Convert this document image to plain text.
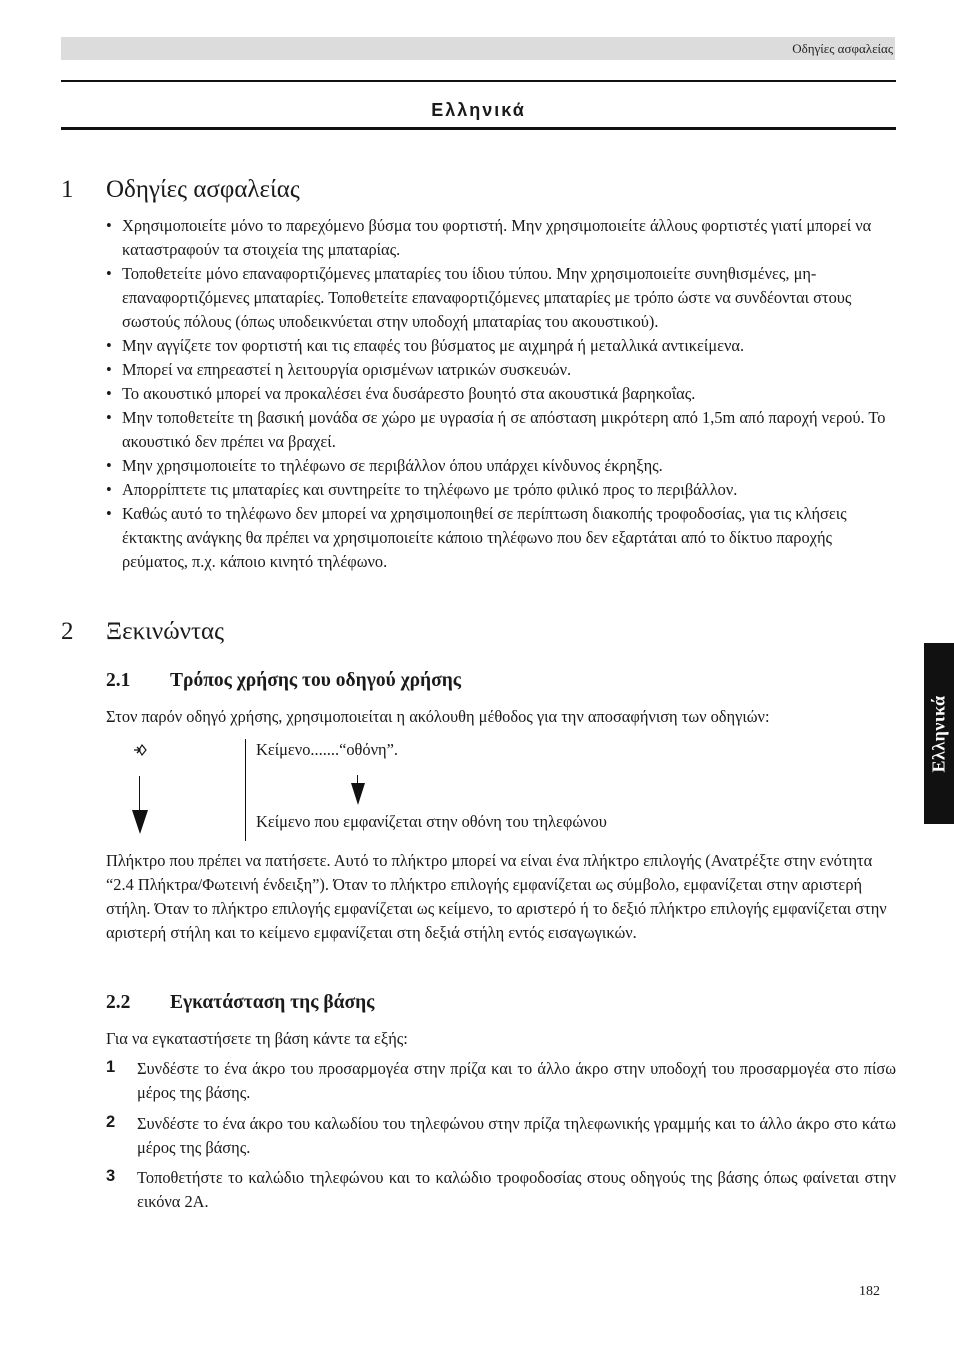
Οδηγίες ασφαλείας
Ελληνικά
1 Οδηγίες ασφαλείας
• Χρησιμοποιείτε μόνο το παρεχόμενο βύσμα του φορτιστή. Μην χρησιμοποιείτε άλλους φορτιστές γιατί μπορεί να καταστραφούν τα στοιχεία της μπαταρίας.
• Τοποθετείτε μόνο επαναφορτιζόμενες μπαταρίες του ίδιου τύπου. Μην χρησιμοποιείτε συνηθισμένες, μη-επαναφορτιζόμενες μπαταρίες. Τοποθετείτε επαναφορτιζόμενες μπαταρίες με τρόπο ώστε να συνδέονται στους σωστούς πόλους (όπως υποδεικνύεται στην υποδοχή μπαταρίας του ακουστικού).
• Μην αγγίζετε τον φορτιστή και τις επαφές του βύσματος με αιχμηρά ή μεταλλικά αντικείμενα.
• Μπορεί να επηρεαστεί η λειτουργία ορισμένων ιατρικών συσκευών.
• Το ακουστικό μπορεί να προκαλέσει ένα δυσάρεστο βουητό στα ακουστικά βαρηκοΐας.
• Μην τοποθετείτε τη βασική μονάδα σε χώρο με υγρασία ή σε απόσταση μικρότερη από 1,5m από παροχή νερού. Το ακουστικό δεν πρέπει να βραχεί.
• Μην χρησιμοποιείτε το τηλέφωνο σε περιβάλλον όπου υπάρχει κίνδυνος έκρηξης.
• Απορρίπτετε τις μπαταρίες και συντηρείτε το τηλέφωνο με τρόπο φιλικό προς το περιβάλλον.
• Καθώς αυτό το τηλέφωνο δεν μπορεί να χρησιμοποιηθεί σε περίπτωση διακοπής τροφοδοσίας, για τις κλήσεις έκτακτης ανάγκης θα πρέπει να χρησιμοποιείτε κάποιο τηλέφωνο που δεν εξαρτάται από το δίκτυο παροχής ρεύματος, π.χ. κάποιο κινητό τηλέφωνο.
2 Ξεκινώντας
2.1 Τρόπος χρήσης του οδηγού χρήσης
Στον παρόν οδηγό χρήσης, χρησιμοποιείται η ακόλουθη μέθοδος για την αποσαφήνιση των οδηγιών:
Κείμενο.......“οθόνη”.
Κείμενο που εμφανίζεται στην οθόνη του τηλεφώνου
Πλήκτρο που πρέπει να πατήσετε. Αυτό το πλήκτρο μπορεί να είναι ένα πλήκτρο επιλογής (Ανατρέξτε στην ενότητα “2.4 Πλήκτρα/Φωτεινή ένδειξη”). Όταν το πλήκτρο επιλογής εμφανίζεται ως σύμβολο, εμφανίζεται στην αριστερή στήλη. Όταν το πλήκτρο επιλογής εμφανίζεται ως κείμενο, το αριστερό ή το δεξιό πλήκτρο επιλογής εμφανίζεται στην αριστερή στήλη και το κείμενο εμφανίζεται στη δεξιά στήλη εντός εισαγωγικών.
2.2 Εγκατάσταση της βάσης
Για να εγκαταστήσετε τη βάση κάντε τα εξής:
1 Συνδέστε το ένα άκρο του προσαρμογέα στην πρίζα και το άλλο άκρο στην υποδοχή του προσαρμογέα στο πίσω μέρος της βάσης.
2 Συνδέστε το ένα άκρο του καλωδίου του τηλεφώνου στην πρίζα τηλεφωνικής γραμμής και το άλλο άκρο στο κάτω μέρος της βάσης.
3 Τοποθετήστε το καλώδιο τηλεφώνου και το καλώδιο τροφοδοσίας στους οδηγούς της βάσης όπως φαίνεται στην εικόνα 2Α.
Ελληνικά
182
